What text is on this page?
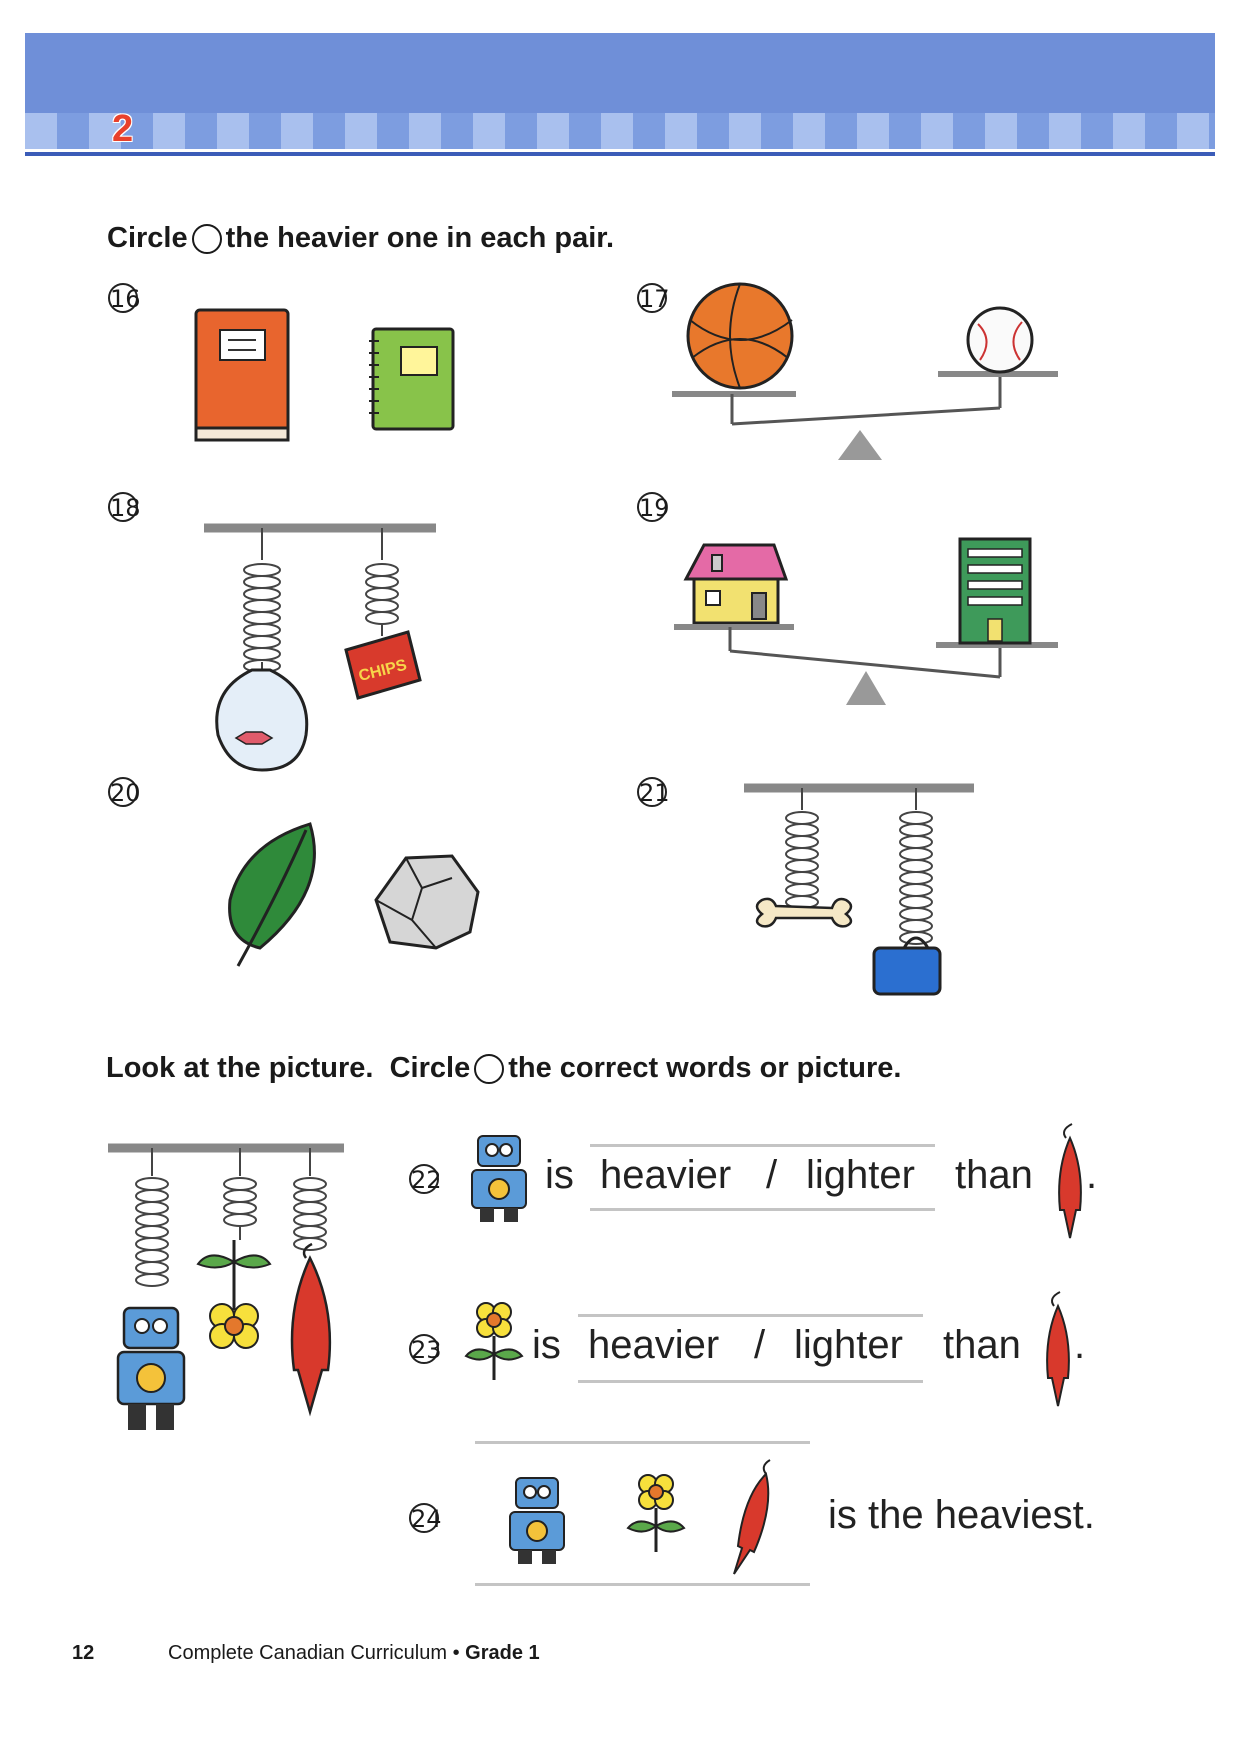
2
Circle the heavier one in each pair.
16	17
18
CHIPS
19
20	21
Look at the picture. Circle the correct words or picture.
22	is heavier / lighter than .
23 is heavier / lighter than .
24	is the heaviest.
12	Complete Canadian Curriculum • Grade 1
